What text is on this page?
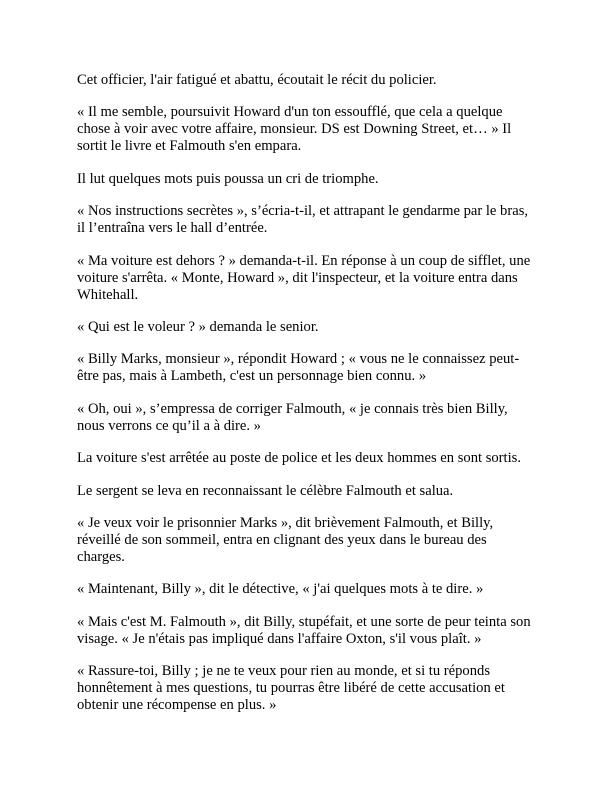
Cet officier, l'air fatigué et abattu, écoutait le récit du policier.

« Il me semble, poursuivit Howard d'un ton essoufflé, que cela a quelque chose à voir avec votre affaire, monsieur. DS est Downing Street, et… » Il sortit le livre et Falmouth s'en empara.

Il lut quelques mots puis poussa un cri de triomphe.

« Nos instructions secrètes », s’écria-t-il, et attrapant le gendarme par le bras, il l’entraîna vers le hall d’entrée.

« Ma voiture est dehors ? » demanda-t-il. En réponse à un coup de sifflet, une voiture s'arrêta. « Monte, Howard », dit l'inspecteur, et la voiture entra dans Whitehall.

« Qui est le voleur ? » demanda le senior.

« Billy Marks, monsieur », répondit Howard ; « vous ne le connaissez peut-être pas, mais à Lambeth, c'est un personnage bien connu. »

« Oh, oui », s’empressa de corriger Falmouth, « je connais très bien Billy, nous verrons ce qu’il a à dire. »

La voiture s'est arrêtée au poste de police et les deux hommes en sont sortis.

Le sergent se leva en reconnaissant le célèbre Falmouth et salua.

« Je veux voir le prisonnier Marks », dit brièvement Falmouth, et Billy, réveillé de son sommeil, entra en clignant des yeux dans le bureau des charges.

« Maintenant, Billy », dit le détective, « j'ai quelques mots à te dire. »

« Mais c'est M. Falmouth », dit Billy, stupéfait, et une sorte de peur teinta son visage. « Je n'étais pas impliqué dans l'affaire Oxton, s'il vous plaît. »

« Rassure-toi, Billy ; je ne te veux pour rien au monde, et si tu réponds honnêtement à mes questions, tu pourras être libéré de cette accusation et obtenir une récompense en plus. »
